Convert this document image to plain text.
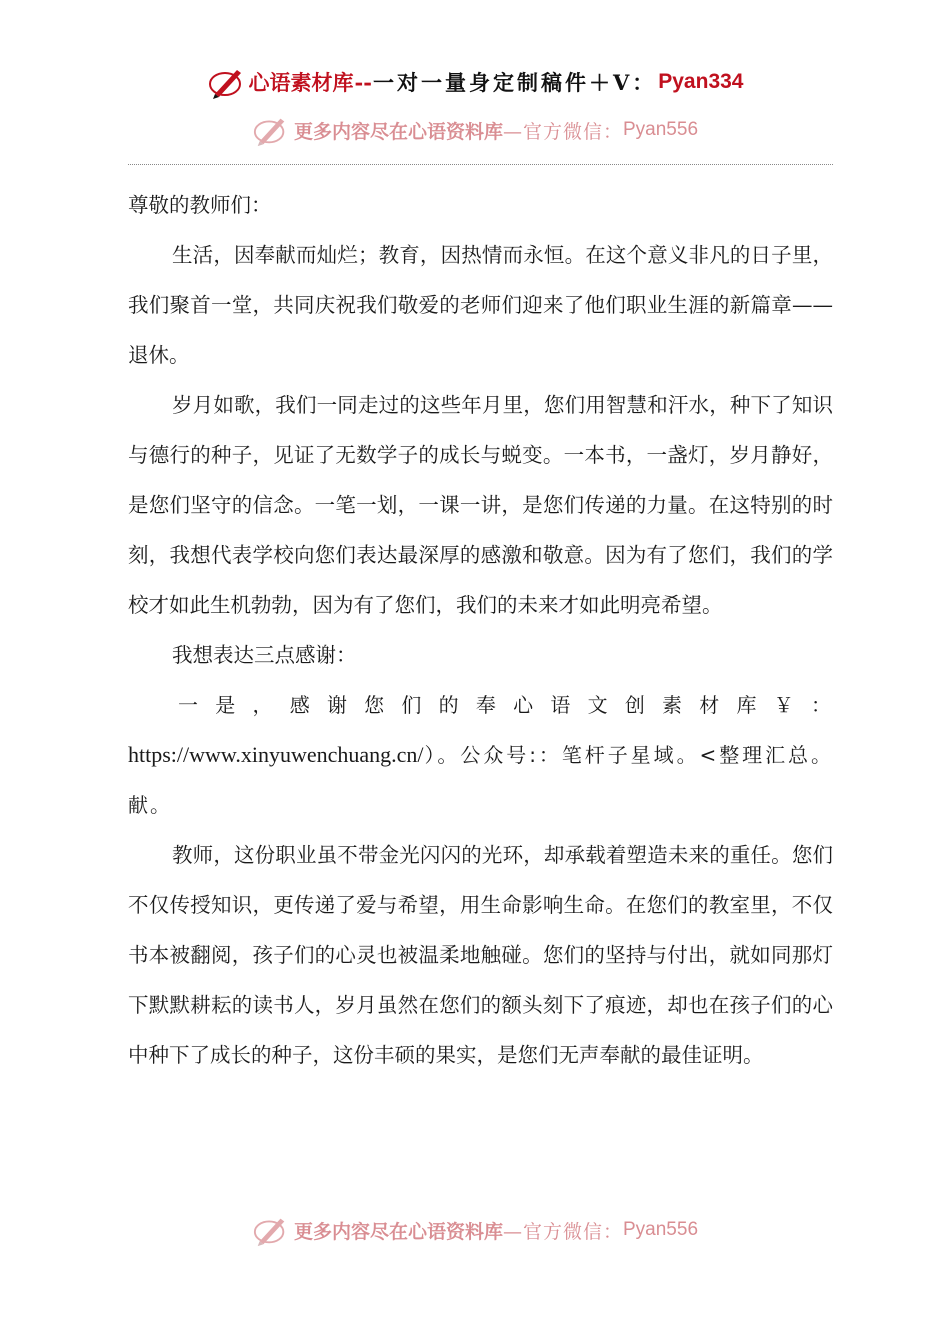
心语素材库 -- 一对一量身定制稿件＋V： Pyan334
更多内容尽在心语资料库 —官方微信： Pyan556

尊敬的教师们：

生活，因奉献而灿烂；教育，因热情而永恒。在这个意义非凡的日子里，我们聚首一堂，共同庆祝我们敬爱的老师们迎来了他们职业生涯的新篇章——退休。

岁月如歌，我们一同走过的这些年月里，您们用智慧和汗水，种下了知识与德行的种子，见证了无数学子的成长与蜕变。一本书，一盏灯，岁月静好，是您们坚守的信念。一笔一划，一课一讲，是您们传递的力量。在这特别的时刻，我想代表学校向您们表达最深厚的感激和敬意。因为有了您们，我们的学校才如此生机勃勃，因为有了您们，我们的未来才如此明亮希望。

我想表达三点感谢：

一是，感谢您们的奉心语文创素材库￥：https://www.xinyuwenchuang.cn/）。公众号:：笔杆子星域。<整理汇总。献。

教师，这份职业虽不带金光闪闪的光环，却承载着塑造未来的重任。您们不仅传授知识，更传递了爱与希望，用生命影响生命。在您们的教室里，不仅书本被翻阅，孩子们的心灵也被温柔地触碰。您们的坚持与付出，就如同那灯下默默耕耘的读书人，岁月虽然在您们的额头刻下了痕迹，却也在孩子们的心中种下了成长的种子，这份丰硕的果实，是您们无声奉献的最佳证明。

更多内容尽在心语资料库 —官方微信： Pyan556
